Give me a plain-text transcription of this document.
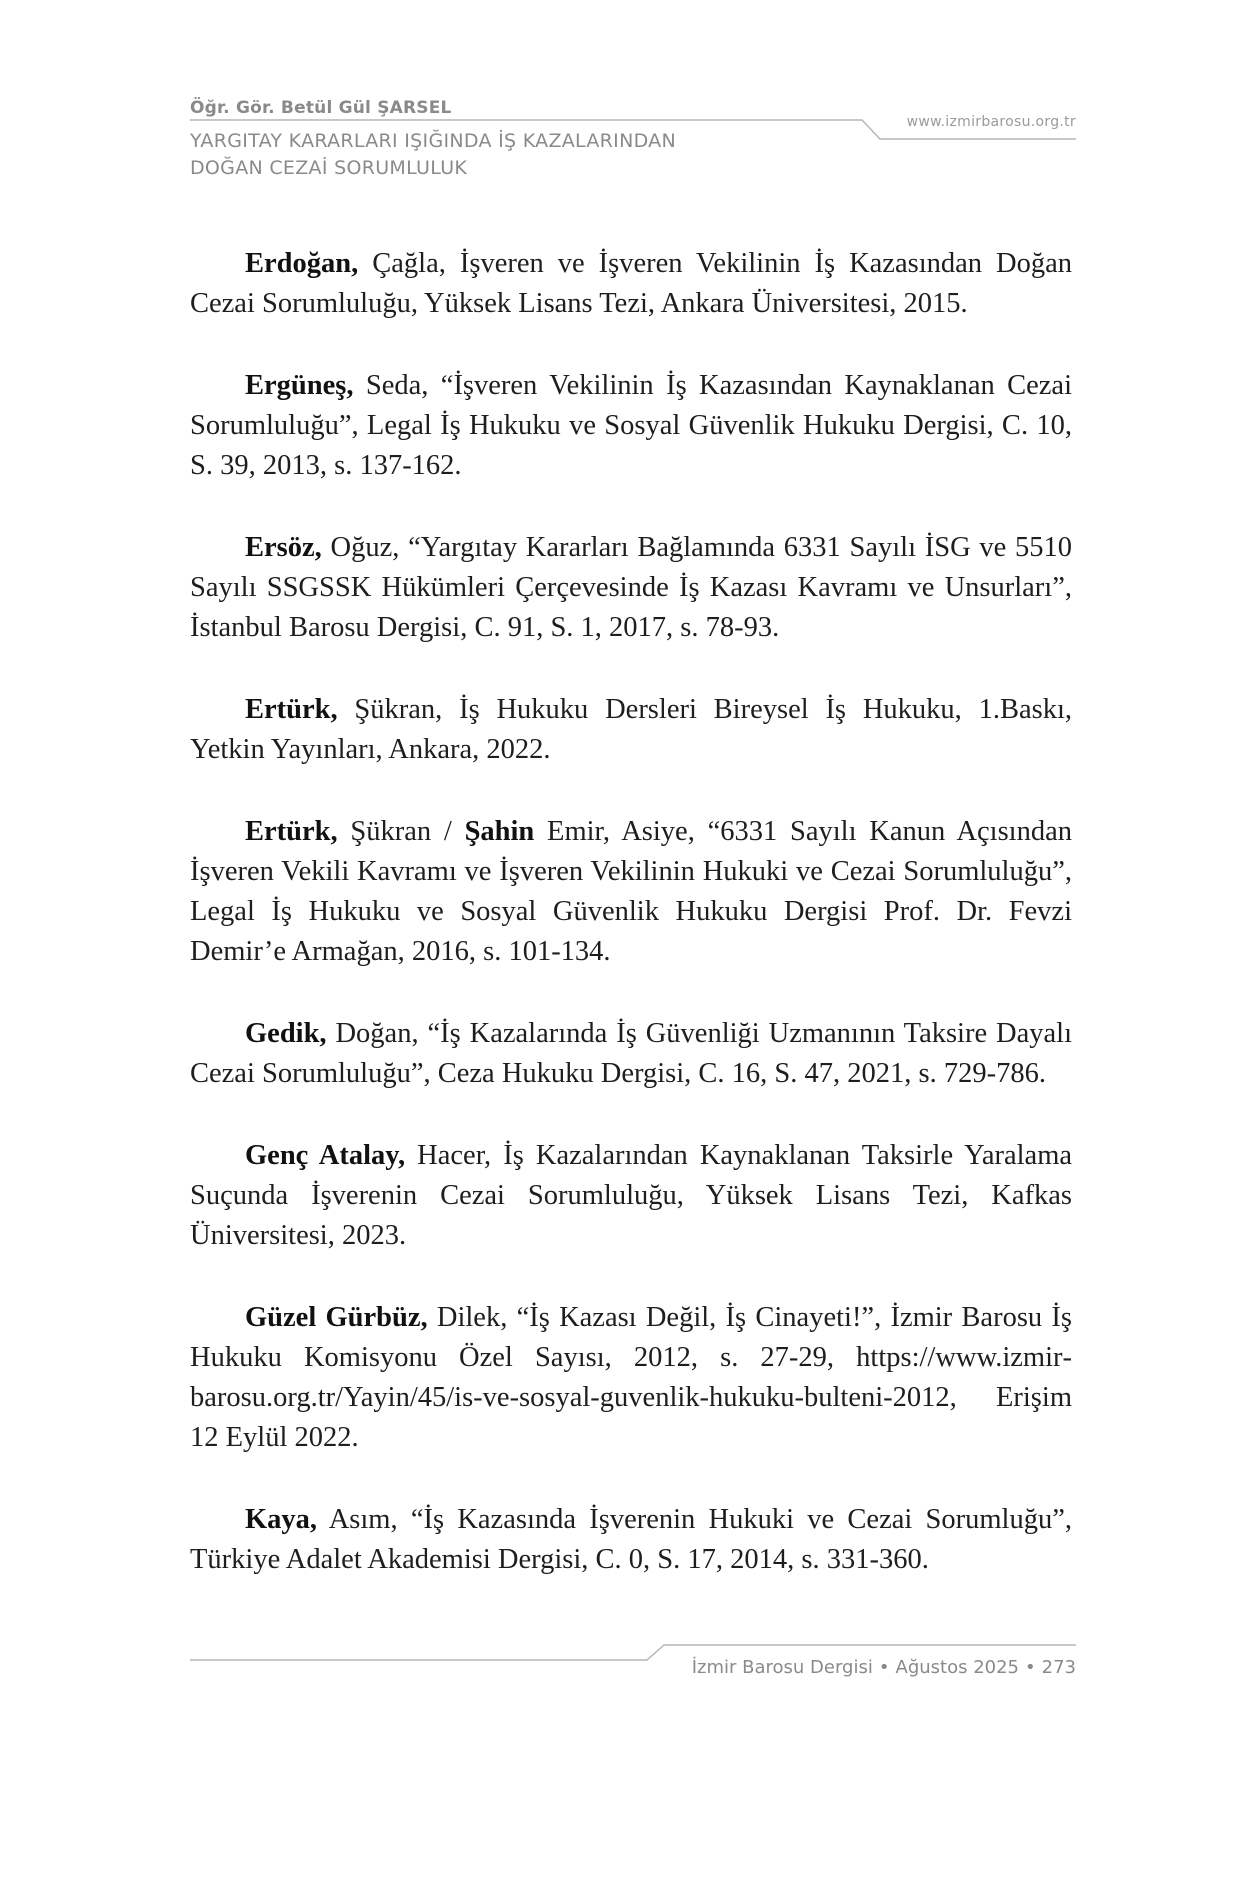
Öğr. Gör. Betül Gül ŞARSEL
YARGITAY KARARLARI IŞIĞINDA İŞ KAZALARINDAN
DOĞAN CEZAİ SORUMLULUK
www.izmirbarosu.org.tr

Erdoğan, Çağla, İşveren ve İşveren Vekilinin İş Kazasından Doğan Cezai Sorumluluğu, Yüksek Lisans Tezi, Ankara Üniversitesi, 2015.

Ergüneş, Seda, “İşveren Vekilinin İş Kazasından Kaynaklanan Cezai Sorumluluğu”, Legal İş Hukuku ve Sosyal Güvenlik Hukuku Dergisi, C. 10, S. 39, 2013, s. 137-162.

Ersöz, Oğuz, “Yargıtay Kararları Bağlamında 6331 Sayılı İSG ve 5510 Sayılı SSGSSK Hükümleri Çerçevesinde İş Kazası Kavramı ve Unsurları”, İstanbul Barosu Dergisi, C. 91, S. 1, 2017, s. 78-93.

Ertürk, Şükran, İş Hukuku Dersleri Bireysel İş Hukuku, 1.Baskı, Yetkin Yayınları, Ankara, 2022.

Ertürk, Şükran / Şahin Emir, Asiye, “6331 Sayılı Kanun Açısından İşveren Vekili Kavramı ve İşveren Vekilinin Hukuki ve Cezai Sorumluluğu”, Legal İş Hukuku ve Sosyal Güvenlik Hukuku Dergisi Prof. Dr. Fevzi Demir’e Armağan, 2016, s. 101-134.

Gedik, Doğan, “İş Kazalarında İş Güvenliği Uzmanının Taksire Dayalı Cezai Sorumluluğu”, Ceza Hukuku Dergisi, C. 16, S. 47, 2021, s. 729-786.

Genç Atalay, Hacer, İş Kazalarından Kaynaklanan Taksirle Yaralama Suçunda İşverenin Cezai Sorumluluğu, Yüksek Lisans Tezi, Kafkas Üniversitesi, 2023.

Güzel Gürbüz, Dilek, “İş Kazası Değil, İş Cinayeti!”, İzmir Barosu İş Hukuku Komisyonu Özel Sayısı, 2012, s. 27-29, https://www.izmirbarosu.org.tr/Yayin/45/is-ve-sosyal-guvenlik-hukuku-bulteni-2012, Erişim 12 Eylül 2022.

Kaya, Asım, “İş Kazasında İşverenin Hukuki ve Cezai Sorumluğu”, Türkiye Adalet Akademisi Dergisi, C. 0, S. 17, 2014, s. 331-360.

İzmir Barosu Dergisi • Ağustos 2025 • 273
